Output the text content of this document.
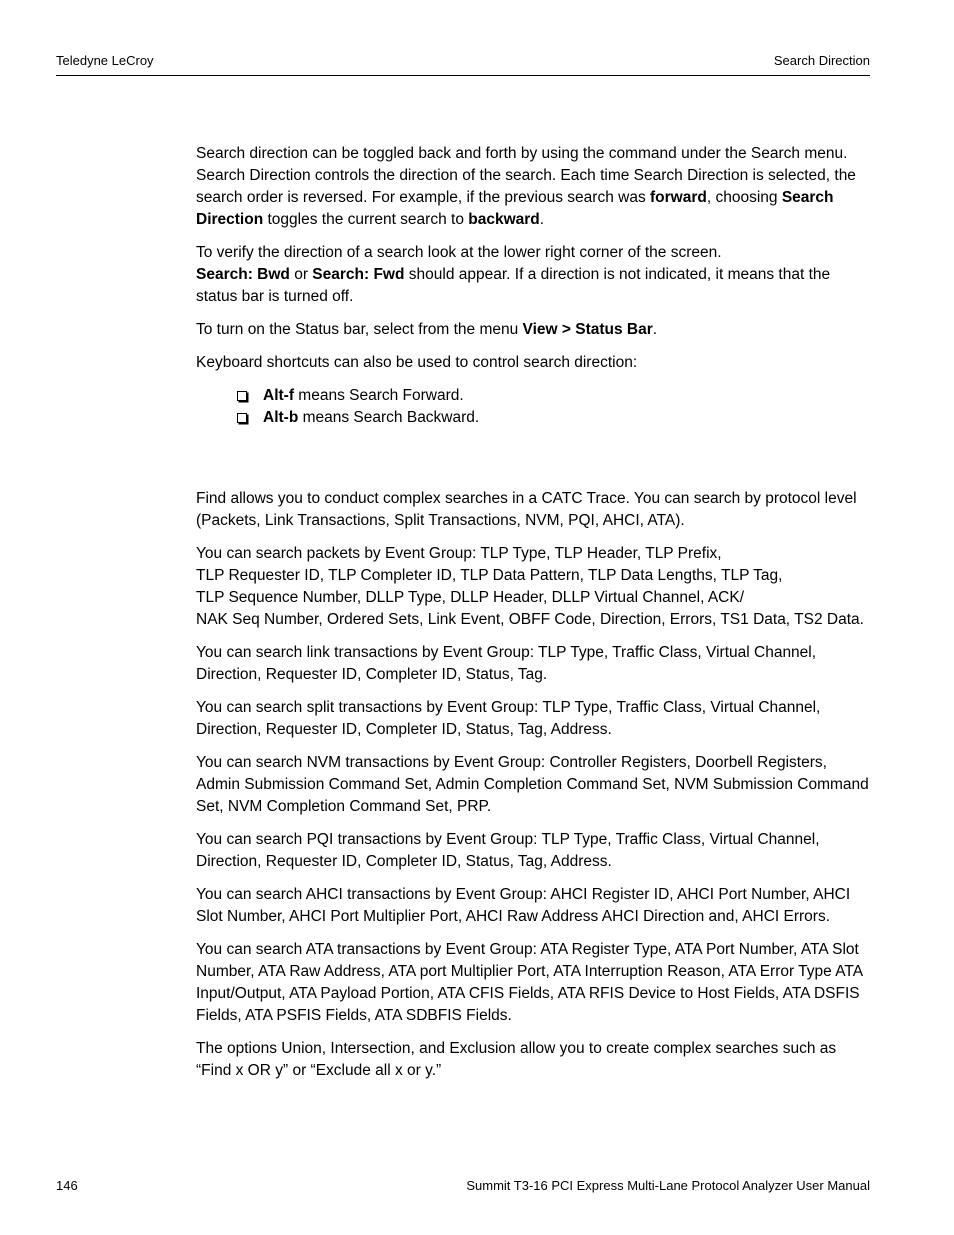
Teledyne LeCroy	Search Direction

Search direction can be toggled back and forth by using the command under the Search menu. Search Direction controls the direction of the search. Each time Search Direction is selected, the search order is reversed. For example, if the previous search was forward, choosing Search Direction toggles the current search to backward.

To verify the direction of a search look at the lower right corner of the screen.
Search: Bwd or Search: Fwd should appear. If a direction is not indicated, it means that the status bar is turned off.

To turn on the Status bar, select from the menu View > Status Bar.

Keyboard shortcuts can also be used to control search direction:

Alt-f means Search Forward.
Alt-b means Search Backward.

Find allows you to conduct complex searches in a CATC Trace. You can search by protocol level (Packets, Link Transactions, Split Transactions, NVM, PQI, AHCI, ATA).

You can search packets by Event Group: TLP Type, TLP Header, TLP Prefix,
TLP Requester ID, TLP Completer ID, TLP Data Pattern, TLP Data Lengths, TLP Tag,
TLP Sequence Number, DLLP Type, DLLP Header, DLLP Virtual Channel, ACK/
NAK Seq Number, Ordered Sets, Link Event, OBFF Code, Direction, Errors, TS1 Data, TS2 Data.

You can search link transactions by Event Group: TLP Type, Traffic Class, Virtual Channel, Direction, Requester ID, Completer ID, Status, Tag.

You can search split transactions by Event Group: TLP Type, Traffic Class, Virtual Channel, Direction, Requester ID, Completer ID, Status, Tag, Address.

You can search NVM transactions by Event Group: Controller Registers, Doorbell Registers, Admin Submission Command Set, Admin Completion Command Set, NVM Submission Command Set, NVM Completion Command Set, PRP.

You can search PQI transactions by Event Group: TLP Type, Traffic Class, Virtual Channel, Direction, Requester ID, Completer ID, Status, Tag, Address.

You can search AHCI transactions by Event Group: AHCI Register ID, AHCI Port Number, AHCI Slot Number, AHCI Port Multiplier Port, AHCI Raw Address AHCI Direction and, AHCI Errors.

You can search ATA transactions by Event Group: ATA Register Type, ATA Port Number, ATA Slot Number, ATA Raw Address, ATA port Multiplier Port, ATA Interruption Reason, ATA Error Type ATA Input/Output, ATA Payload Portion, ATA CFIS Fields, ATA RFIS Device to Host Fields, ATA DSFIS Fields, ATA PSFIS Fields, ATA SDBFIS Fields.

The options Union, Intersection, and Exclusion allow you to create complex searches such as “Find x OR y” or “Exclude all x or y.”

146	Summit T3-16 PCI Express Multi-Lane Protocol Analyzer User Manual
